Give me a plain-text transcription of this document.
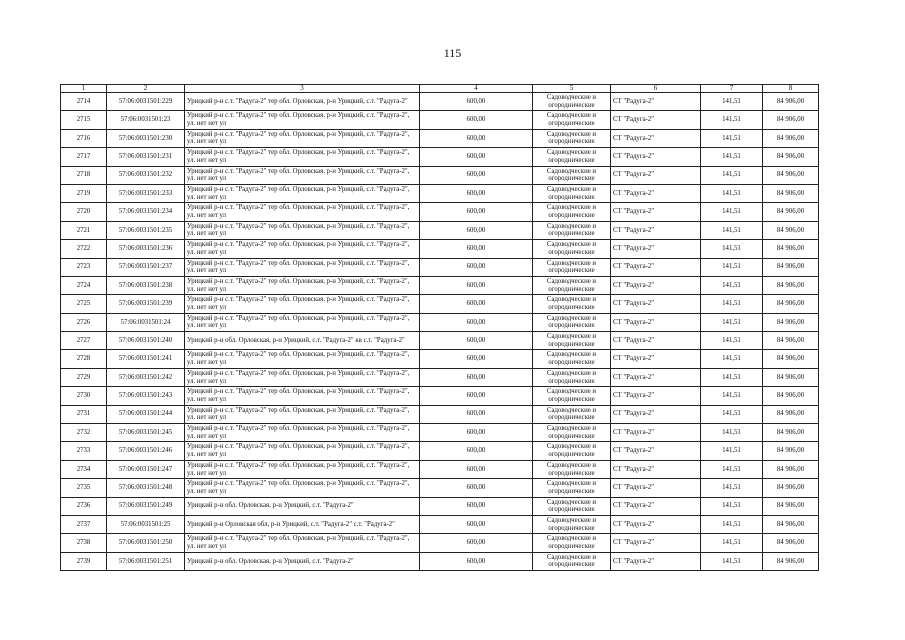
115
1	2	3	4	5	6	7	8
2714	57:06:0031501:229	Урицкий р-н с.т. "Радуга-2" тер обл. Орловская, р-н Урицкий, с.т. "Радуга-2"	600,00	Садоводческие и огороднические	СТ "Радуга-2"	141,51	84 906,00
2715	57:06:0031501:23	Урицкий р-н с.т. "Радуга-2" тер обл. Орловская, р-н Урицкий, с.т. "Радуга-2", ул. нет нет ул	600,00	Садоводческие и огороднические	СТ "Радуга-2"	141,51	84 906,00
2716	57:06:0031501:230	Урицкий р-н с.т. "Радуга-2" тер обл. Орловская, р-н Урицкий, с.т. "Радуга-2", ул. нет нет ул	600,00	Садоводческие и огороднические	СТ "Радуга-2"	141,51	84 906,00
2717	57:06:0031501:231	Урицкий р-н с.т. "Радуга-2" тер обл. Орловская, р-н Урицкий, с.т. "Радуга-2", ул. нет нет ул	600,00	Садоводческие и огороднические	СТ "Радуга-2"	141,51	84 906,00
2718	57:06:0031501:232	Урицкий р-н с.т. "Радуга-2" тер обл. Орловская, р-н Урицкий, с.т. "Радуга-2", ул. нет нет ул	600,00	Садоводческие и огороднические	СТ "Радуга-2"	141,51	84 906,00
2719	57:06:0031501:233	Урицкий р-н с.т. "Радуга-2" тер обл. Орловская, р-н Урицкий, с.т. "Радуга-2", ул. нет нет ул	600,00	Садоводческие и огороднические	СТ "Радуга-2"	141,51	84 906,00
2720	57:06:0031501:234	Урицкий р-н с.т. "Радуга-2" тер обл. Орловская, р-н Урицкий, с.т. "Радуга-2", ул. нет нет ул	600,00	Садоводческие и огороднические	СТ "Радуга-2"	141,51	84 906,00
2721	57:06:0031501:235	Урицкий р-н с.т. "Радуга-2" тер обл. Орловская, р-н Урицкий, с.т. "Радуга-2", ул. нет нет ул	600,00	Садоводческие и огороднические	СТ "Радуга-2"	141,51	84 906,00
2722	57:06:0031501:236	Урицкий р-н с.т. "Радуга-2" тер обл. Орловская, р-н Урицкий, с.т. "Радуга-2", ул. нет нет ул	600,00	Садоводческие и огороднические	СТ "Радуга-2"	141,51	84 906,00
2723	57:06:0031501:237	Урицкий р-н с.т. "Радуга-2" тер обл. Орловская, р-н Урицкий, с.т. "Радуга-2", ул. нет нет ул	600,00	Садоводческие и огороднические	СТ "Радуга-2"	141,51	84 906,00
2724	57:06:0031501:238	Урицкий р-н с.т. "Радуга-2" тер обл. Орловская, р-н Урицкий, с.т. "Радуга-2", ул. нет нет ул	600,00	Садоводческие и огороднические	СТ "Радуга-2"	141,51	84 906,00
2725	57:06:0031501:239	Урицкий р-н с.т. "Радуга-2" тер обл. Орловская, р-н Урицкий, с.т. "Радуга-2", ул. нет нет ул	600,00	Садоводческие и огороднические	СТ "Радуга-2"	141,51	84 906,00
2726	57:06:0031501:24	Урицкий р-н с.т. "Радуга-2" тер обл. Орловская, р-н Урицкий, с.т. "Радуга-2", ул. нет нет ул	600,00	Садоводческие и огороднические	СТ "Радуга-2"	141,51	84 906,00
2727	57:06:0031501:240	Урицкий р-н обл. Орловская, р-н Урицкий, с.т. "Радуга-2" кв с.т. "Радуга-2"	600,00	Садоводческие и огороднические	СТ "Радуга-2"	141,51	84 906,00
2728	57:06:0031501:241	Урицкий р-н с.т. "Радуга-2" тер обл. Орловская, р-н Урицкий, с.т. "Радуга-2", ул. нет нет ул	600,00	Садоводческие и огороднические	СТ "Радуга-2"	141,51	84 906,00
2729	57:06:0031501:242	Урицкий р-н с.т. "Радуга-2" тер обл. Орловская, р-н Урицкий, с.т. "Радуга-2", ул. нет нет ул	600,00	Садоводческие и огороднические	СТ "Радуга-2"	141,51	84 906,00
2730	57:06:0031501:243	Урицкий р-н с.т. "Радуга-2" тер обл. Орловская, р-н Урицкий, с.т. "Радуга-2", ул. нет нет ул	600,00	Садоводческие и огороднические	СТ "Радуга-2"	141,51	84 906,00
2731	57:06:0031501:244	Урицкий р-н с.т. "Радуга-2" тер обл. Орловская, р-н Урицкий, с.т. "Радуга-2", ул. нет нет ул	600,00	Садоводческие и огороднические	СТ "Радуга-2"	141,51	84 906,00
2732	57:06:0031501:245	Урицкий р-н с.т. "Радуга-2" тер обл. Орловская, р-н Урицкий, с.т. "Радуга-2", ул. нет нет ул	600,00	Садоводческие и огороднические	СТ "Радуга-2"	141,51	84 906,00
2733	57:06:0031501:246	Урицкий р-н с.т. "Радуга-2" тер обл. Орловская, р-н Урицкий, с.т. "Радуга-2", ул. нет нет ул	600,00	Садоводческие и огороднические	СТ "Радуга-2"	141,51	84 906,00
2734	57:06:0031501:247	Урицкий р-н с.т. "Радуга-2" тер обл. Орловская, р-н Урицкий, с.т. "Радуга-2", ул. нет нет ул	600,00	Садоводческие и огороднические	СТ "Радуга-2"	141,51	84 906,00
2735	57:06:0031501:248	Урицкий р-н с.т. "Радуга-2" тер обл. Орловская, р-н Урицкий, с.т. "Радуга-2", ул. нет нет ул	600,00	Садоводческие и огороднические	СТ "Радуга-2"	141,51	84 906,00
2736	57:06:0031501:249	Урицкий р-н обл. Орловская, р-н Урицкий, с.т. "Радуга-2"	600,00	Садоводческие и огороднические	СТ "Радуга-2"	141,51	84 906,00
2737	57:06:0031501:25	Урицкий р-н Орловская обл, р-н Урицкий, с.т. "Радуга-2" с.т. "Радуга-2"	600,00	Садоводческие и огороднические	СТ "Радуга-2"	141,51	84 906,00
2738	57:06:0031501:250	Урицкий р-н с.т. "Радуга-2" тер обл. Орловская, р-н Урицкий, с.т. "Радуга-2", ул. нет нет ул	600,00	Садоводческие и огороднические	СТ "Радуга-2"	141,51	84 906,00
2739	57:06:0031501:251	Урицкий р-н обл. Орловская, р-н Урицкий, с.т. "Радуга-2"	600,00	Садоводческие и огороднические	СТ "Радуга-2"	141,51	84 906,00
